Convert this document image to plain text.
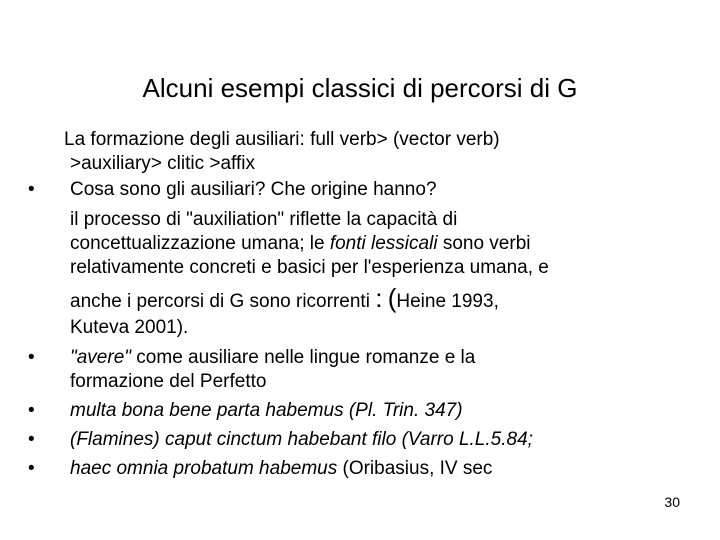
Alcuni esempi classici di percorsi di G
La formazione degli ausiliari: full verb> (vector verb)
>auxiliary> clitic >affix
• Cosa sono gli ausiliari? Che origine hanno?
il processo di "auxiliation" riflette la capacità di
concettualizzazione umana; le fonti lessicali sono verbi
relativamente concreti e basici per l'esperienza umana, e
anche i percorsi di G sono ricorrenti : (Heine 1993,
Kuteva 2001).
• "avere" come ausiliare nelle lingue romanze e la
formazione del Perfetto
• multa bona bene parta habemus (Pl. Trin. 347)
• (Flamines) caput cinctum habebant filo (Varro L.L.5.84;
• haec omnia probatum habemus (Oribasius, IV sec
30
